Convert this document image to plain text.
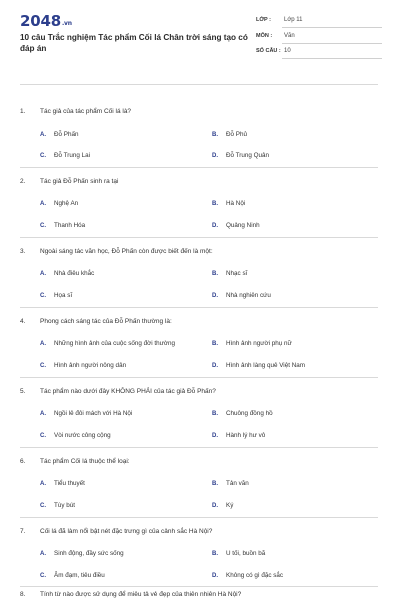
2048.vn
10 câu Trắc nghiệm Tác phẩm Cối lá Chân trời sáng tạo có đáp án
LỚP : Lớp 11
MÔN : Văn
SỐ CÂU : 10
1. Tác giả của tác phẩm Cối lá là?
A. Đỗ Phấn	B. Đỗ Phủ
C. Đỗ Trung Lai	D. Đỗ Trung Quân
2. Tác giả Đỗ Phấn sinh ra tại
A. Nghệ An	B. Hà Nội
C. Thanh Hóa	D. Quảng Ninh
3. Ngoài sáng tác văn học, Đỗ Phấn còn được biết đến là một:
A. Nhà điêu khắc	B. Nhạc sĩ
C. Họa sĩ	D. Nhà nghiên cứu
4. Phong cách sáng tác của Đỗ Phấn thường là:
A. Những hình ảnh của cuộc sống đời thường	B. Hình ảnh người phụ nữ
C. Hình ảnh người nông dân	D. Hình ảnh làng quê Việt Nam
5. Tác phẩm nào dưới đây KHÔNG PHẢI của tác giả Đỗ Phấn?
A. Ngồi lê đôi mách với Hà Nội	B. Chuông đồng hồ
C. Vòi nước công cộng	D. Hành lý hư vô
6. Tác phẩm Cối lá thuộc thể loại:
A. Tiểu thuyết	B. Tản văn
C. Tùy bút	D. Ký
7. Cối lá đã làm nổi bật nét đặc trưng gì của cảnh sắc Hà Nội?
A. Sinh động, đầy sức sống	B. U tối, buồn bã
C. Âm đạm, tiêu điều	D. Không có gì đặc sắc
8. Tính từ nào được sử dụng để miêu tả vẻ đẹp của thiên nhiên Hà Nội?
